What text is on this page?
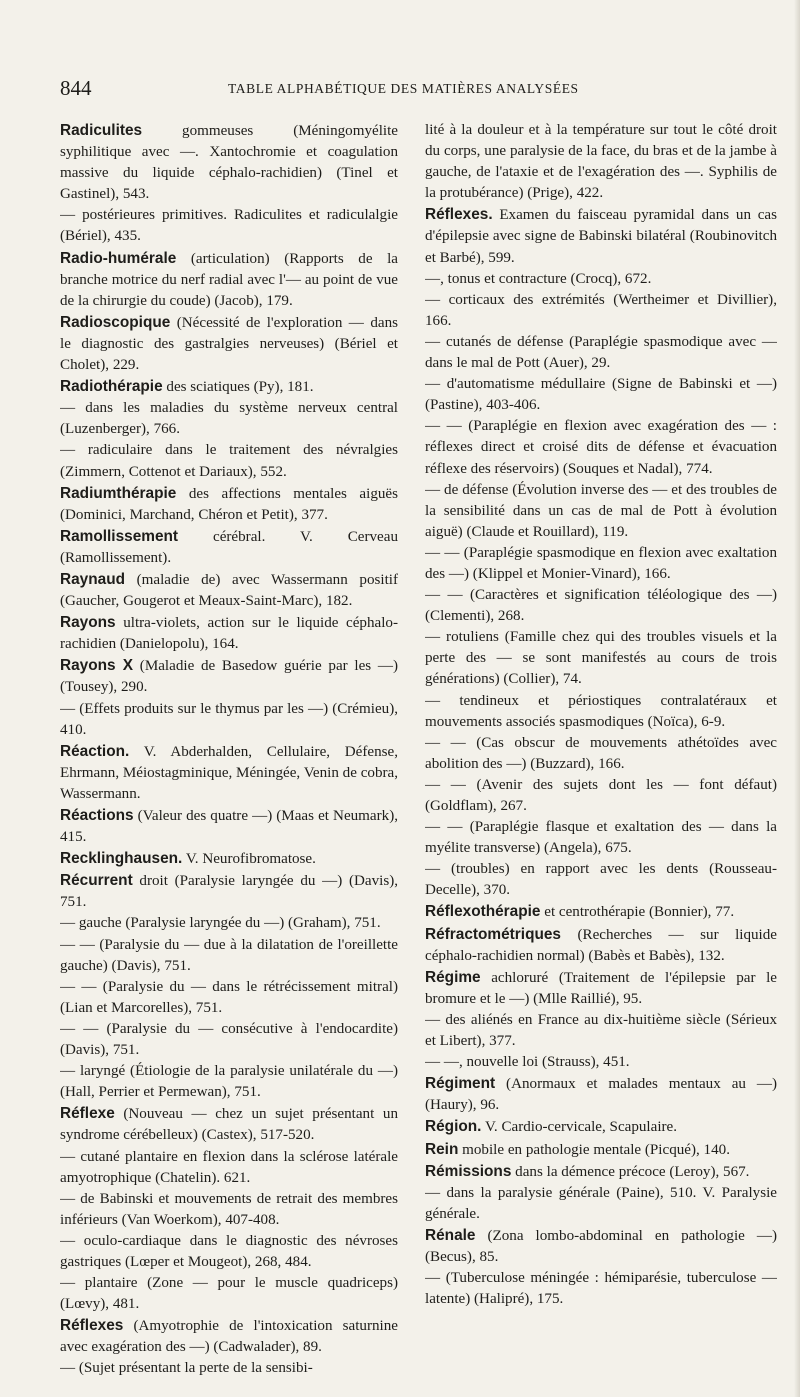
844	TABLE ALPHABÉTIQUE DES MATIÈRES ANALYSÉES

Radiculites gommeuses (Méningomyélite syphilitique avec —. Xantochromie et coagulation massive du liquide céphalo-rachidien) (Tinel et Gastinel), 543.

— postérieures primitives. Radiculites et radiculalgie (Bériel), 435.

Radio-humérale (articulation) (Rapports de la branche motrice du nerf radial avec l'— au point de vue de la chirurgie du coude) (Jacob), 179.

Radioscopique (Nécessité de l'exploration — dans le diagnostic des gastralgies nerveuses) (Bériel et Cholet), 229.

Radiothérapie des sciatiques (Py), 181.

— dans les maladies du système nerveux central (Luzenberger), 766.

— radiculaire dans le traitement des névralgies (Zimmern, Cottenot et Dariaux), 552.

Radiumthérapie des affections mentales aiguës (Dominici, Marchand, Chéron et Petit), 377.

Ramollissement cérébral. V. Cerveau (Ramollissement).

Raynaud (maladie de) avec Wassermann positif (Gaucher, Gougerot et Meaux-Saint-Marc), 182.

Rayons ultra-violets, action sur le liquide céphalo-rachidien (Danielopolu), 164.

Rayons X (Maladie de Basedow guérie par les —) (Tousey), 290.

— (Effets produits sur le thymus par les —) (Crémieu), 410.

Réaction. V. Abderhalden, Cellulaire, Défense, Ehrmann, Méiostagminique, Méningée, Venin de cobra, Wassermann.

Réactions (Valeur des quatre —) (Maas et Neumark), 415.

Recklinghausen. V. Neurofibromatose.

Récurrent droit (Paralysie laryngée du —) (Davis), 751.

— gauche (Paralysie laryngée du —) (Graham), 751.

— — (Paralysie du — due à la dilatation de l'oreillette gauche) (Davis), 751.

— — (Paralysie du — dans le rétrécissement mitral) (Lian et Marcorelles), 751.

— — (Paralysie du — consécutive à l'endocardite) (Davis), 751.

— laryngé (Étiologie de la paralysie unilatérale du —) (Hall, Perrier et Permewan), 751.

Réflexe (Nouveau — chez un sujet présentant un syndrome cérébelleux) (Castex), 517-520.

— cutané plantaire en flexion dans la sclérose latérale amyotrophique (Chatelin). 621.

— de Babinski et mouvements de retrait des membres inférieurs (Van Woerkom), 407-408.

— oculo-cardiaque dans le diagnostic des névroses gastriques (Lœper et Mougeot), 268, 484.

— plantaire (Zone — pour le muscle quadriceps) (Lœvy), 481.

Réflexes (Amyotrophie de l'intoxication saturnine avec exagération des —) (Cadwalader), 89.

— (Sujet présentant la perte de la sensibi-

lité à la douleur et à la température sur tout le côté droit du corps, une paralysie de la face, du bras et de la jambe à gauche, de l'ataxie et de l'exagération des —. Syphilis de la protubérance) (Prige), 422.

Réflexes. Examen du faisceau pyramidal dans un cas d'épilepsie avec signe de Babinski bilatéral (Roubinovitch et Barbé), 599.

—, tonus et contracture (Crocq), 672.

— corticaux des extrémités (Wertheimer et Divillier), 166.

— cutanés de défense (Paraplégie spasmodique avec — dans le mal de Pott (Auer), 29.

— d'automatisme médullaire (Signe de Babinski et —) (Pastine), 403-406.

— — (Paraplégie en flexion avec exagération des — : réflexes direct et croisé dits de défense et évacuation réflexe des réservoirs) (Souques et Nadal), 774.

— de défense (Évolution inverse des — et des troubles de la sensibilité dans un cas de mal de Pott à évolution aiguë) (Claude et Rouillard), 119.

— — (Paraplégie spasmodique en flexion avec exaltation des —) (Klippel et Monier-Vinard), 166.

— — (Caractères et signification téléologique des —) (Clementi), 268.

— rotuliens (Famille chez qui des troubles visuels et la perte des — se sont manifestés au cours de trois générations) (Collier), 74.

— tendineux et périostiques contralatéraux et mouvements associés spasmodiques (Noïca), 6-9.

— — (Cas obscur de mouvements athétoïdes avec abolition des —) (Buzzard), 166.

— — (Avenir des sujets dont les — font défaut) (Goldflam), 267.

— — (Paraplégie flasque et exaltation des — dans la myélite transverse) (Angela), 675.

— (troubles) en rapport avec les dents (Rousseau-Decelle), 370.

Réflexothérapie et centrothérapie (Bonnier), 77.

Réfractométriques (Recherches — sur liquide céphalo-rachidien normal) (Babès et Babès), 132.

Régime achloruré (Traitement de l'épilepsie par le bromure et le —) (Mlle Raillié), 95.

— des aliénés en France au dix-huitième siècle (Sérieux et Libert), 377.

— —, nouvelle loi (Strauss), 451.

Régiment (Anormaux et malades mentaux au —) (Haury), 96.

Région. V. Cardio-cervicale, Scapulaire.

Rein mobile en pathologie mentale (Picqué), 140.

Rémissions dans la démence précoce (Leroy), 567.

— dans la paralysie générale (Paine), 510. V. Paralysie générale.

Rénale (Zona lombo-abdominal en pathologie —) (Becus), 85.

— (Tuberculose méningée : hémiparésie, tuberculose — latente) (Halipré), 175.
